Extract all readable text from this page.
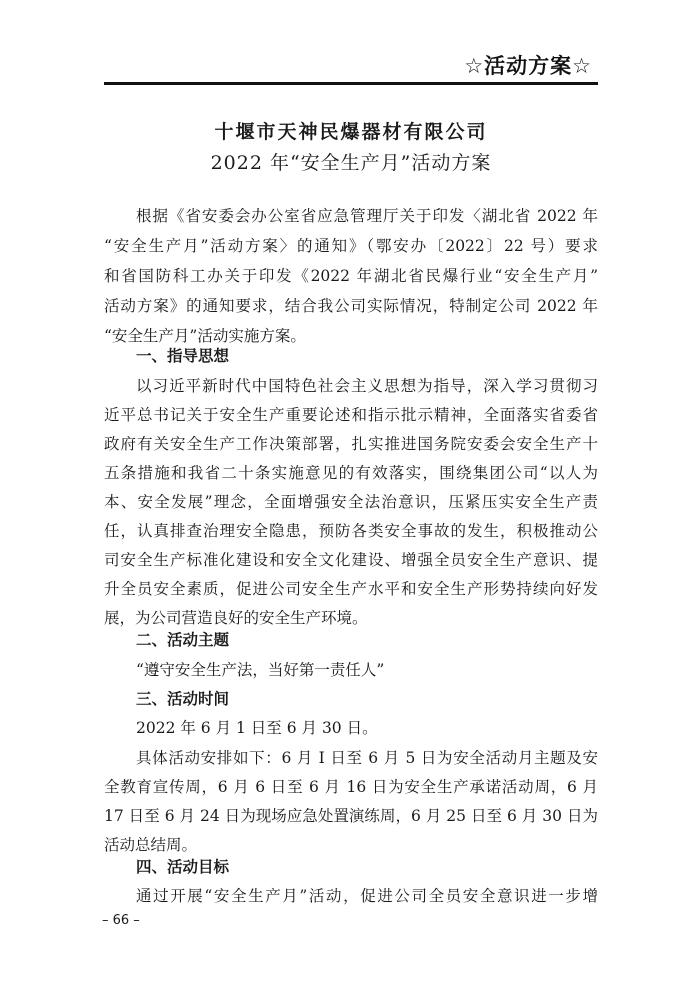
☆活动方案☆
十堰市天神民爆器材有限公司
2022 年“安全生产月”活动方案
根据《省安委会办公室省应急管理厅关于印发〈湖北省 2022 年
“安全生产月”活动方案〉的通知》（鄂安办〔2022〕22 号）要求
和省国防科工办关于印发《2022 年湖北省民爆行业“安全生产月”
活动方案》的通知要求，结合我公司实际情况，特制定公司 2022 年
“安全生产月”活动实施方案。
一、指导思想
以习近平新时代中国特色社会主义思想为指导，深入学习贯彻习
近平总书记关于安全生产重要论述和指示批示精神，全面落实省委省
政府有关安全生产工作决策部署，扎实推进国务院安委会安全生产十
五条措施和我省二十条实施意见的有效落实，围绕集团公司“以人为
本、安全发展”理念，全面增强安全法治意识，压紧压实安全生产责
任，认真排查治理安全隐患，预防各类安全事故的发生，积极推动公
司安全生产标准化建设和安全文化建设、增强全员安全生产意识、提
升全员安全素质，促进公司安全生产水平和安全生产形势持续向好发
展，为公司营造良好的安全生产环境。
二、活动主题
“遵守安全生产法，当好第一责任人”
三、活动时间
2022 年 6 月 1 日至 6 月 30 日。
具体活动安排如下：6 月 I 日至 6 月 5 日为安全活动月主题及安
全教育宣传周，6 月 6 日至 6 月 16 日为安全生产承诺活动周，6 月
17 日至 6 月 24 日为现场应急处置演练周，6 月 25 日至 6 月 30 日为
活动总结周。
四、活动目标
通过开展“安全生产月”活动，促进公司全员安全意识进一步增
– 66 –
